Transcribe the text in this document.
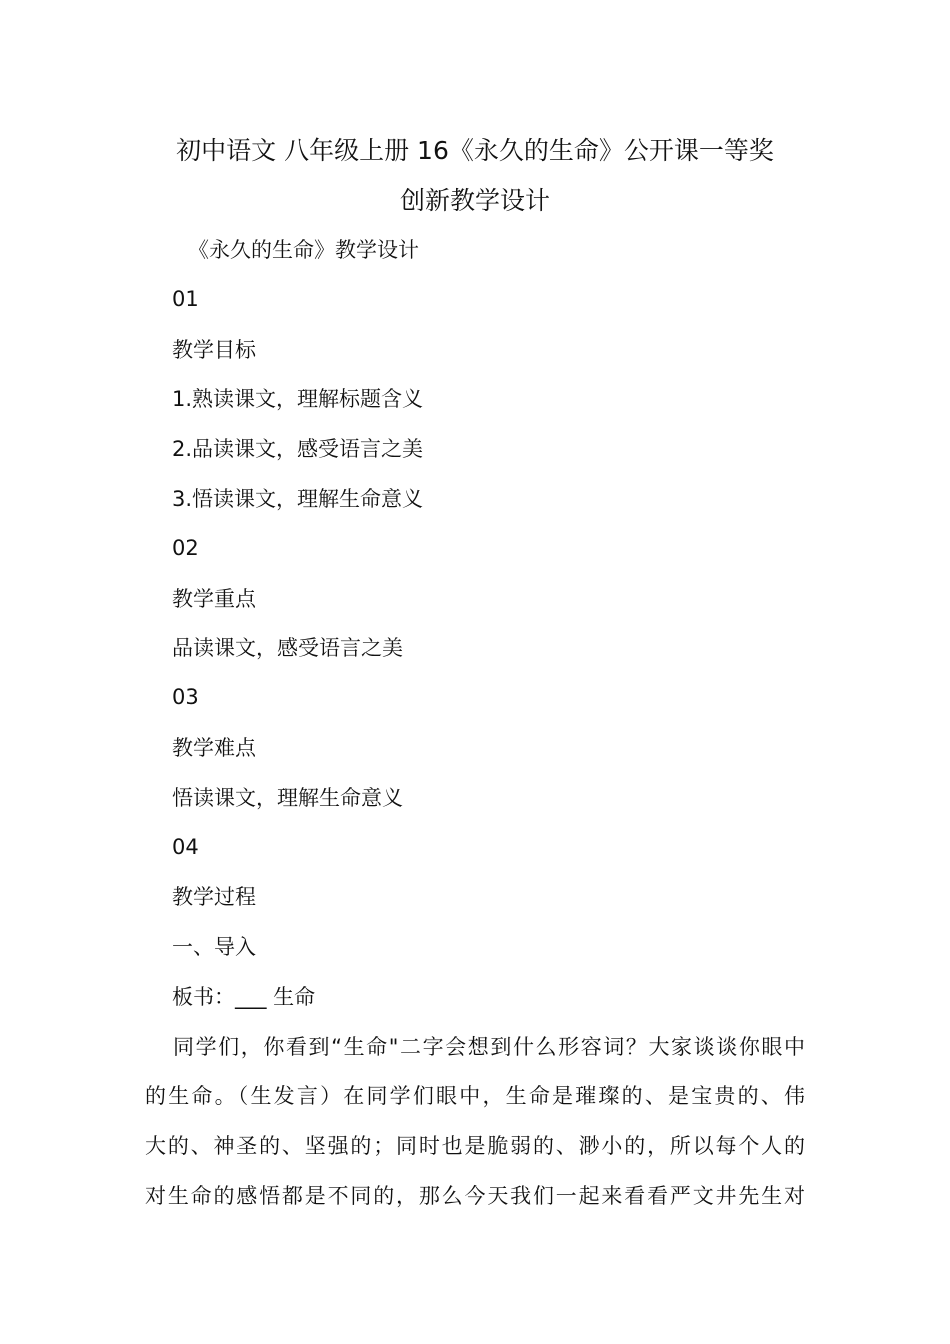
初中语文 八年级上册 16《永久的生命》公开课一等奖
创新教学设计
《永久的生命》教学设计
01
教学目标
1.熟读课文，理解标题含义
2.品读课文，感受语言之美
3.悟读课文，理解生命意义
02
教学重点
品读课文，感受语言之美
03
教学难点
悟读课文，理解生命意义
04
教学过程
一、导入
板书：___ 生命
同学们，你看到“生命"二字会想到什么形容词？大家谈谈你眼中
的生命。（生发言）在同学们眼中，生命是璀璨的、是宝贵的、伟
大的、神圣的、坚强的；同时也是脆弱的、渺小的，所以每个人的
对生命的感悟都是不同的，那么今天我们一起来看看严文井先生对
